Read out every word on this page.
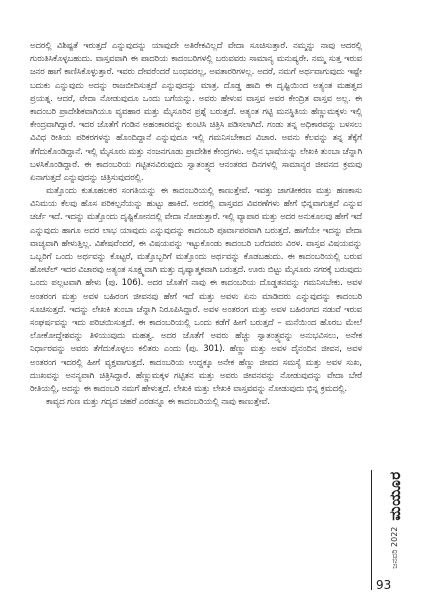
ಅದರಲ್ಲಿ ವಿಶಿಷ್ಟತೆ ಇರುತ್ತದೆ ಎನ್ನುವುದನ್ನು ಯಾವುದೇ ಅತಿರೇಕವಿಲ್ಲದೆ ವೇದಾ ಸೂಚಿಸುತ್ತಾರೆ. ನಮ್ಮನ್ನು ನಾವು ಅದರಲ್ಲಿ ಗುರುತಿಸಿಕೊಳ್ಳಬಹುದು. ವಾಸ್ತವವಾಗಿ ಈ ಪಾದರಿಯ ಕಾದಂಬರಿಗಳಲ್ಲಿ ಬರುವವರು ಸಾಮಾನ್ಯ ಮನುಷ್ಯರೇ. ನಮ್ಮ ಸುತ್ತ ಇರುವ ಜನರ ಹಾಗೆ ಕಾಣಿಸಿಕೊಳ್ಳುತ್ತಾರೆ. ಇವರು ದೇವರೆಂದರೆ ಬಂಧವರಲ್ಲ, ಅವತಾರರಿಗಳಲ್ಲ. ಅದರೆ, ನಮಗೆ ಅರ್ಥವಾಗುವುದು ಇಷ್ಟೇ ಬದುಕು ಎನ್ನುವುದು ಅದನ್ನು ರಾಜಬೀದಿಸುತ್ತದೆ ಎನ್ನುವುದನ್ನು ಮಾತ್ರ. ದೊಡ್ಡ ಹಾದಿ ಈ ದೃಷ್ಟಿಯಿಂದ ಅತ್ಯಂತ ಮಹತ್ವದ ಪ್ರಯತ್ನ. ಆದರೆ, ವೇದಾ ನೋಡುವುದೂ ಒಂದು ಬಗೆಯನ್ನು. ಅವರು ಹೇಳುವ ವಾಸ್ತವ ಅವರ ಕೇಂದ್ರಿತ ವಾಸ್ತವ ಅಲ್ಲ. ಈ ಕಾದಂಬರಿ ಪ್ರಾದೇಶಿಕವಾಗಿಯೂ ವ್ಯವಹಾರ ಮತ್ತು ಮೈಸೂರಿನ ಪ್ರಶ್ನೆ ಬರುತ್ತದೆ. ಅತ್ಯಂತ ಗಟ್ಟಿ ಮನಸ್ಥಿತಿಯ ಹೆಣ್ಣುಮಕ್ಕಳು ಇಲ್ಲಿ ಕೇಂದ್ರವಾಗಿದ್ದಾರೆ. ಇದರ ಜೊತೆಗೆ ಗಂಡಿನ ಅಹಂಕಾರವನ್ನು ಕುಂಟಿಸಿ ಚಿತ್ರಿಸಿ ಪಡಿಸಲಾಗಿದೆ. ಗಂಡು ತನ್ನ ಅಧಿಕಾರವನ್ನು ಬಳಸಲು ವಿವಿಧ ರೀತಿಯ ಪರಿಕರಗಳನ್ನು ಹೊಂದಿದ್ದಾನೆ ಎನ್ನುವುದೂ ಇಲ್ಲಿ ಗಮನಿಸಬೇಕಾದ ವಿಚಾರ. ಅವನು ಕೆಲವನ್ನು ತನ್ನ ತೆಕ್ಕೆಗೆ ತೆಗೆದುಕೊಂಡಿದ್ದಾನೆ. ಇಲ್ಲಿ ಮೈಸೂರು ಮತ್ತು ನಂಜನಗೂಡು ಪ್ರಾದೇಶಿಕ ಕೇಂದ್ರಗಳು. ಅಲ್ಲಿನ ಭಾಷೆಯನ್ನು ಲೇಖಕಿ ತುಂಬಾ ಚೆನ್ನಾಗಿ ಬಳಸಿಕೊಂಡಿದ್ದಾರೆ. ಈ ಕಾದಂಬರಿಯ ಗಟ್ಟಿತನವಿರುವುದು ಸ್ವಾತಂತ್ರ್ಯದ ಆನಂತರದ ದಿನಗಳಲ್ಲಿ ಸಾಮಾನ್ಯರ ಜೀವನದ ಕ್ರಮವು ಏನಾಗುತ್ತದೆ ಎನ್ನುವುದನ್ನು ಚಿತ್ರಿಸುವುದರಲ್ಲಿ.

ಮತ್ತೊಂದು ಕುತೂಹಲಕರ ಸಂಗತಿಯನ್ನು ಈ ಕಾದಂಬರಿಯಲ್ಲಿ ಕಾಣುತ್ತೇವೆ. ಇವತ್ತು ಜಾಗತೀಕರಣ ಮತ್ತು ಹಣಕಾಸು ವಿನಿಮಯ ಕೆಲವು ಹೊಸ ಪರಿಕಲ್ಪನೆಯನ್ನು ಹುಟ್ಟು ಹಾಕಿದೆ. ಅದರಲ್ಲಿ ವಾಸ್ತವದ ವಿವರಣೆಗಳು ಹೇಗೆ ಭಿನ್ನವಾಗುತ್ತವೆ ಎನ್ನುವ ಚರ್ಚೆ ಇದೆ. ಇದನ್ನು ಮತ್ತೊಂದು ದೃಷ್ಟಿಕೋನದಲ್ಲಿ ವೇದಾ ನೋಡುತ್ತಾರೆ. ಇಲ್ಲಿ ವ್ಯಾಪಾರ ಮತ್ತು ಅದರ ಅನುಕೂಲವು ಹೇಗೆ ಇದೆ ಎನ್ನುವುದು ಹಾಗೂ ಅದರ ಲಾಭ ಯಾವುದು ಎನ್ನುವುದನ್ನು ಕಾದಂಬರಿ ಪೂರ್ವಾಪರವಾಗಿ ಬರುತ್ತದೆ. ಹಾಗೆಯೇ ಇದನ್ನು ವೇದಾ ವಾಚ್ಯವಾಗಿ ಹೇಳುತ್ತಿಲ್ಲ. ವಿಶೇಷವೆಂದರೆ, ಈ ವಿಷಯವನ್ನು ಇಟ್ಟುಕೊಂಡು ಕಾದಂಬರಿ ಬರೆದವರು ವಿರಳ. ವಾಸ್ತವ ವಿಷಯವನ್ನು ಒಬ್ಬರಿಗೆ ಒಂದು ಅರ್ಥವನ್ನು ಕೊಟ್ಟರೆ, ಮತ್ತೊಬ್ಬರಿಗೆ ಮತ್ತೊಂದು ಅರ್ಥವನ್ನು ಕೊಡಬಹುದು. ಈ ಕಾದಂಬರಿಯಲ್ಲಿ ಬರುವ ಹೋಟೆಲ್ ಇದರ ವಿಚಾರವು ಅತ್ಯಂತ ಸೂಕ್ಷ್ಮವಾಗಿ ಮತ್ತು ದೃಷ್ಯಾತ್ಮಕವಾಗಿ ಬರುತ್ತದೆ. ಊರು ಬಿಟ್ಟು ಮೈಸೂರು ನಗರಕ್ಕೆ ಬರುವುದು ಒಂದು ಪಲ್ಲಟವಾಗಿ ಹೇಳು (ಪು. 106). ಅದರ ಜೊತೆಗೆ ನಾವು ಈ ಕಾದಂಬರಿಯ ದೊಡ್ಡತನವನ್ನು ಗಮನಿಸಬೇಕು. ಅವಳ ಅಂತರಂಗ ಮತ್ತು ಅವಳ ಬಹಿರಂಗ ಜೀವನವು ಹೇಗೆ ಇದೆ ಮತ್ತು ಅವಳು ಏನು ಮಾಡಿದರು ಎನ್ನುವುದನ್ನು ಕಾದಂಬರಿ ಸೂಚಿಸುತ್ತದೆ. ಇದನ್ನು ಲೇಖಕಿ ತುಂಬಾ ಚೆನ್ನಾಗಿ ನಿರೂಪಿಸಿದ್ದಾರೆ. ಅವಳ ಅಂತರಂಗ ಮತ್ತು ಅವಳ ಬಹಿರಂಗದ ನಡುವೆ ಇರುವ ಸಂಘರ್ಷವನ್ನು ಇದು ಪರಿಚಯಿಸುತ್ತದೆ. ಈ ಕಾದಂಬರಿಯಲ್ಲಿ ಒಂದು ಕಡೆಗೆ ಹೀಗೆ ಬರುತ್ತದೆ – ಮನೆಯಿಂದ ಹೊರಬ ಮೇಲೆ ಲೋಕೋದ್ದೇಶವನ್ನು ತಿಳಿಯುವುದು ಮಹತ್ವ. ಅದರ ಜೊತೆಗೆ ಅವರು ಹೆಚ್ಚು ಸ್ವಾತಂತ್ರ್ಯವನ್ನು ಅನುಭವಿಸಲು, ಅನೇಕ ನಿರ್ಧಾರವನ್ನು ಅವರು ತೆಗೆದುಕೊಳ್ಳಲು ಕಲಿತರು ಎಂದು (ಪು. 301). ಹೆಣ್ಣು ಮತ್ತು ಅವಳ ದೈನಂದಿನ ಜೀವನ, ಅವಳ ಅಂತರಂಗ ಇದರಲ್ಲಿ ಹೀಗೆ ವ್ಯಕ್ತವಾಗುತ್ತದೆ. ಕಾದಂಬರಿಯ ಉದ್ದಕ್ಕೂ ಅನೇಕ ಹೆಣ್ಣು ಜೀವದ ಸಮಸ್ಯೆ ಮತ್ತು ಅವಳ ಸುಖ, ದುಃಖವನ್ನು ಅನನ್ಯವಾಗಿ ಚಿತ್ರಿಸಿದ್ದಾರೆ. ಹೆಣ್ಣುಮಕ್ಕಳ ಗಟ್ಟಿತನ ಮತ್ತು ಅವರು ಜೀವನವನ್ನು ನೋಡುವುದನ್ನು ವೇದಾ ಬೇರೆ ರೀತಿಯಲ್ಲಿ, ಅದನ್ನು ಈ ಕಾದಂಬರಿ ನಮಗೆ ಹೇಳುತ್ತದೆ. ಲೇಖಕಿ ಮತ್ತು ಲೇಖಕಿ ವಾಸ್ತವವನ್ನು ನೋಡುವುದು ಭಿನ್ನ ಕ್ರಮದಲ್ಲಿ.

ಕಾವ್ಯದ ಗುಣ ಮತ್ತು ಗದ್ಯದ ಚಹರೆ ಎರಡನ್ನೂ ಈ ಕಾದಂಬರಿಯಲ್ಲಿ ನಾವು ಕಾಣುತ್ತೇವೆ.

ಜನವರಿ 2022
ಮಯೂರ
93
